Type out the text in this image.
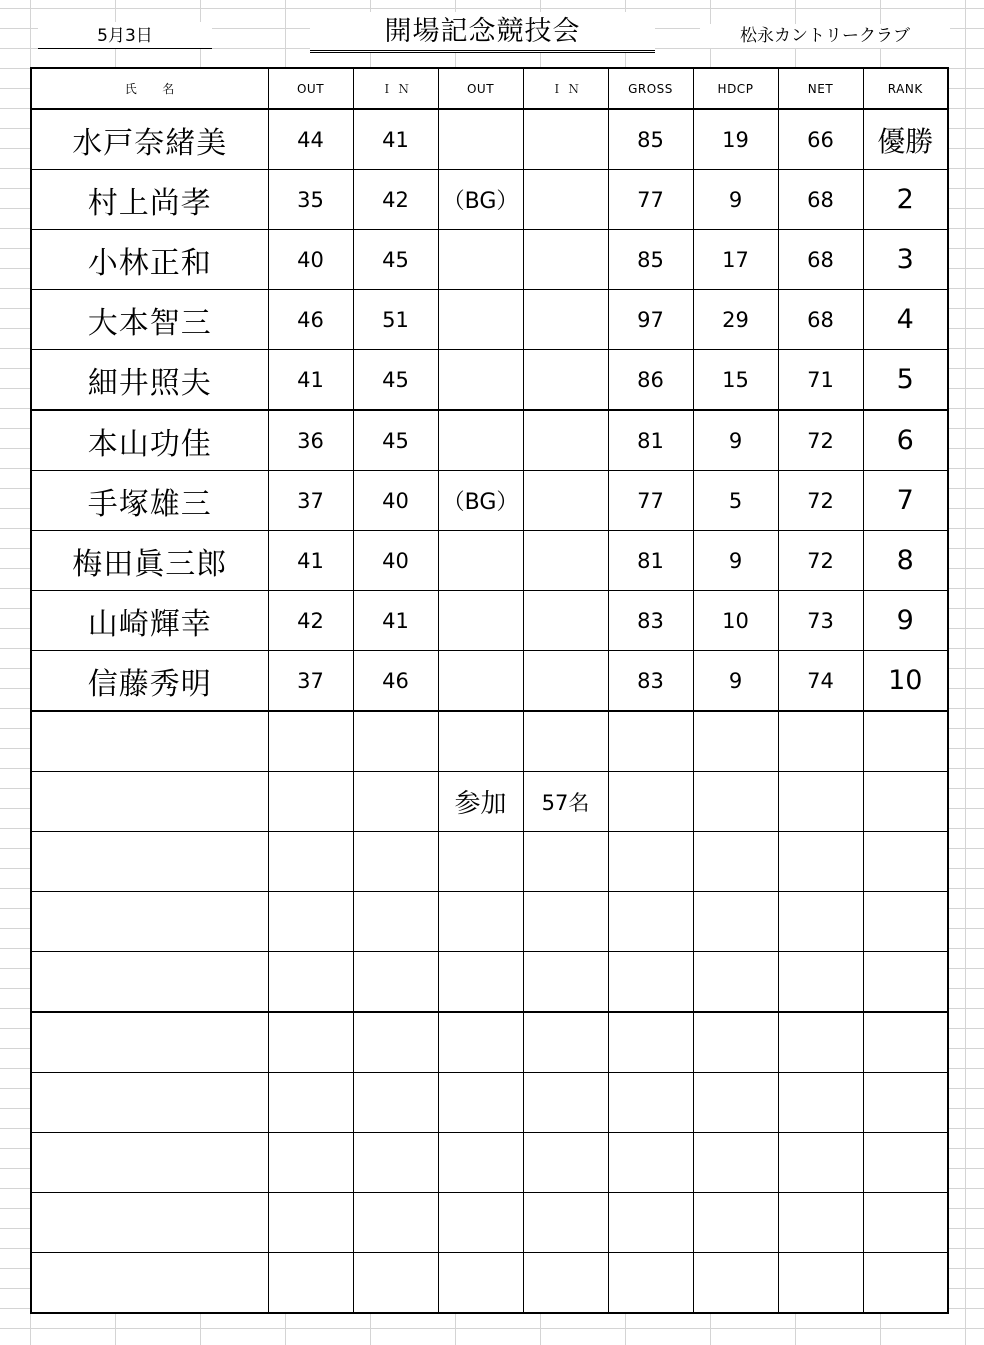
5月3日	開場記念競技会	松永カントリークラブ
氏　　名	OUT	Ｉ Ｎ	OUT	Ｉ Ｎ	GROSS	HDCP	NET	RANK
水戸奈緒美	44	41			85	19	66	優勝
村上尚孝	35	42	（BG）		77	9	68	2
小林正和	40	45			85	17	68	3
大本智三	46	51			97	29	68	4
細井照夫	41	45			86	15	71	5
本山功佳	36	45			81	9	72	6
手塚雄三	37	40	（BG）		77	5	72	7
梅田眞三郎	41	40			81	9	72	8
山崎輝幸	42	41			83	10	73	9
信藤秀明	37	46			83	9	74	10

			参加	57名				
